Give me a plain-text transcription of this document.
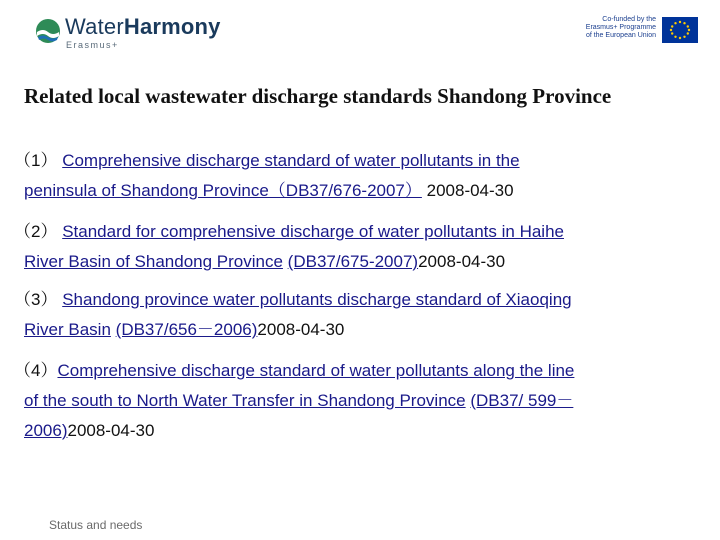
WaterHarmony
Erasmus+
Co-funded by the
Erasmus+ Programme
of the European Union
Related local wastewater discharge standards Shandong Province
（1） Comprehensive discharge standard of water pollutants in the
peninsula of Shandong Province（DB37/676-2007） 2008-04-30
（2） Standard for comprehensive discharge of water pollutants in Haihe
River Basin of Shandong Province (DB37/675-2007)2008-04-30
（3） Shandong province water pollutants discharge standard of Xiaoqing
River Basin (DB37/656－2006)2008-04-30
（4）Comprehensive discharge standard of water pollutants along the line
of the south to North Water Transfer in Shandong Province (DB37/ 599－
2006)2008-04-30
Status and needs
